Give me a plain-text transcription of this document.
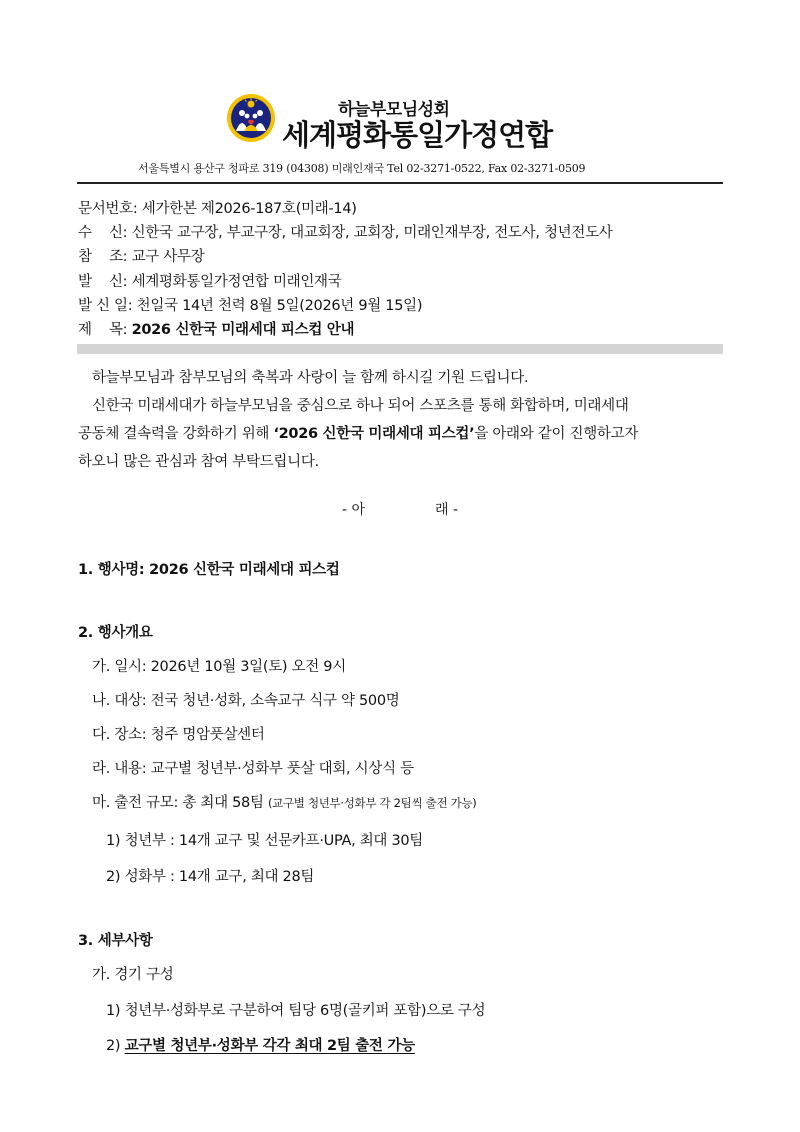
하늘부모님성회
세계평화통일가정연합
서울특별시 용산구 청파로 319 (04308) 미래인재국 Tel 02-3271-0522, Fax 02-3271-0509
문서번호: 세가한본 제2026-187호(미래-14)
수    신: 신한국 교구장, 부교구장, 대교회장, 교회장, 미래인재부장, 전도사, 청년전도사
참    조: 교구 사무장
발    신: 세계평화통일가정연합 미래인재국
발 신 일: 천일국 14년 천력 8월 5일(2026년 9월 15일)
제    목: 2026 신한국 미래세대 피스컵 안내
하늘부모님과 참부모님의 축복과 사랑이 늘 함께 하시길 기원 드립니다.
신한국 미래세대가 하늘부모님을 중심으로 하나 되어 스포츠를 통해 화합하며, 미래세대
공동체 결속력을 강화하기 위해 ‘2026 신한국 미래세대 피스컵’을 아래와 같이 진행하고자
하오니 많은 관심과 참여 부탁드립니다.
- 아	래 -
1. 행사명: 2026 신한국 미래세대 피스컵
2. 행사개요
가. 일시: 2026년 10월 3일(토) 오전 9시
나. 대상: 전국 청년·성화, 소속교구 식구 약 500명
다. 장소: 청주 명암풋살센터
라. 내용: 교구별 청년부·성화부 풋살 대회, 시상식 등
마. 출전 규모: 총 최대 58팀 (교구별 청년부·성화부 각 2팀씩 출전 가능)
1) 청년부 : 14개 교구 및 선문카프·UPA, 최대 30팀
2) 성화부 : 14개 교구, 최대 28팀
3. 세부사항
가. 경기 구성
1) 청년부·성화부로 구분하여 팀당 6명(골키퍼 포함)으로 구성
2) 교구별 청년부·성화부 각각 최대 2팀 출전 가능
